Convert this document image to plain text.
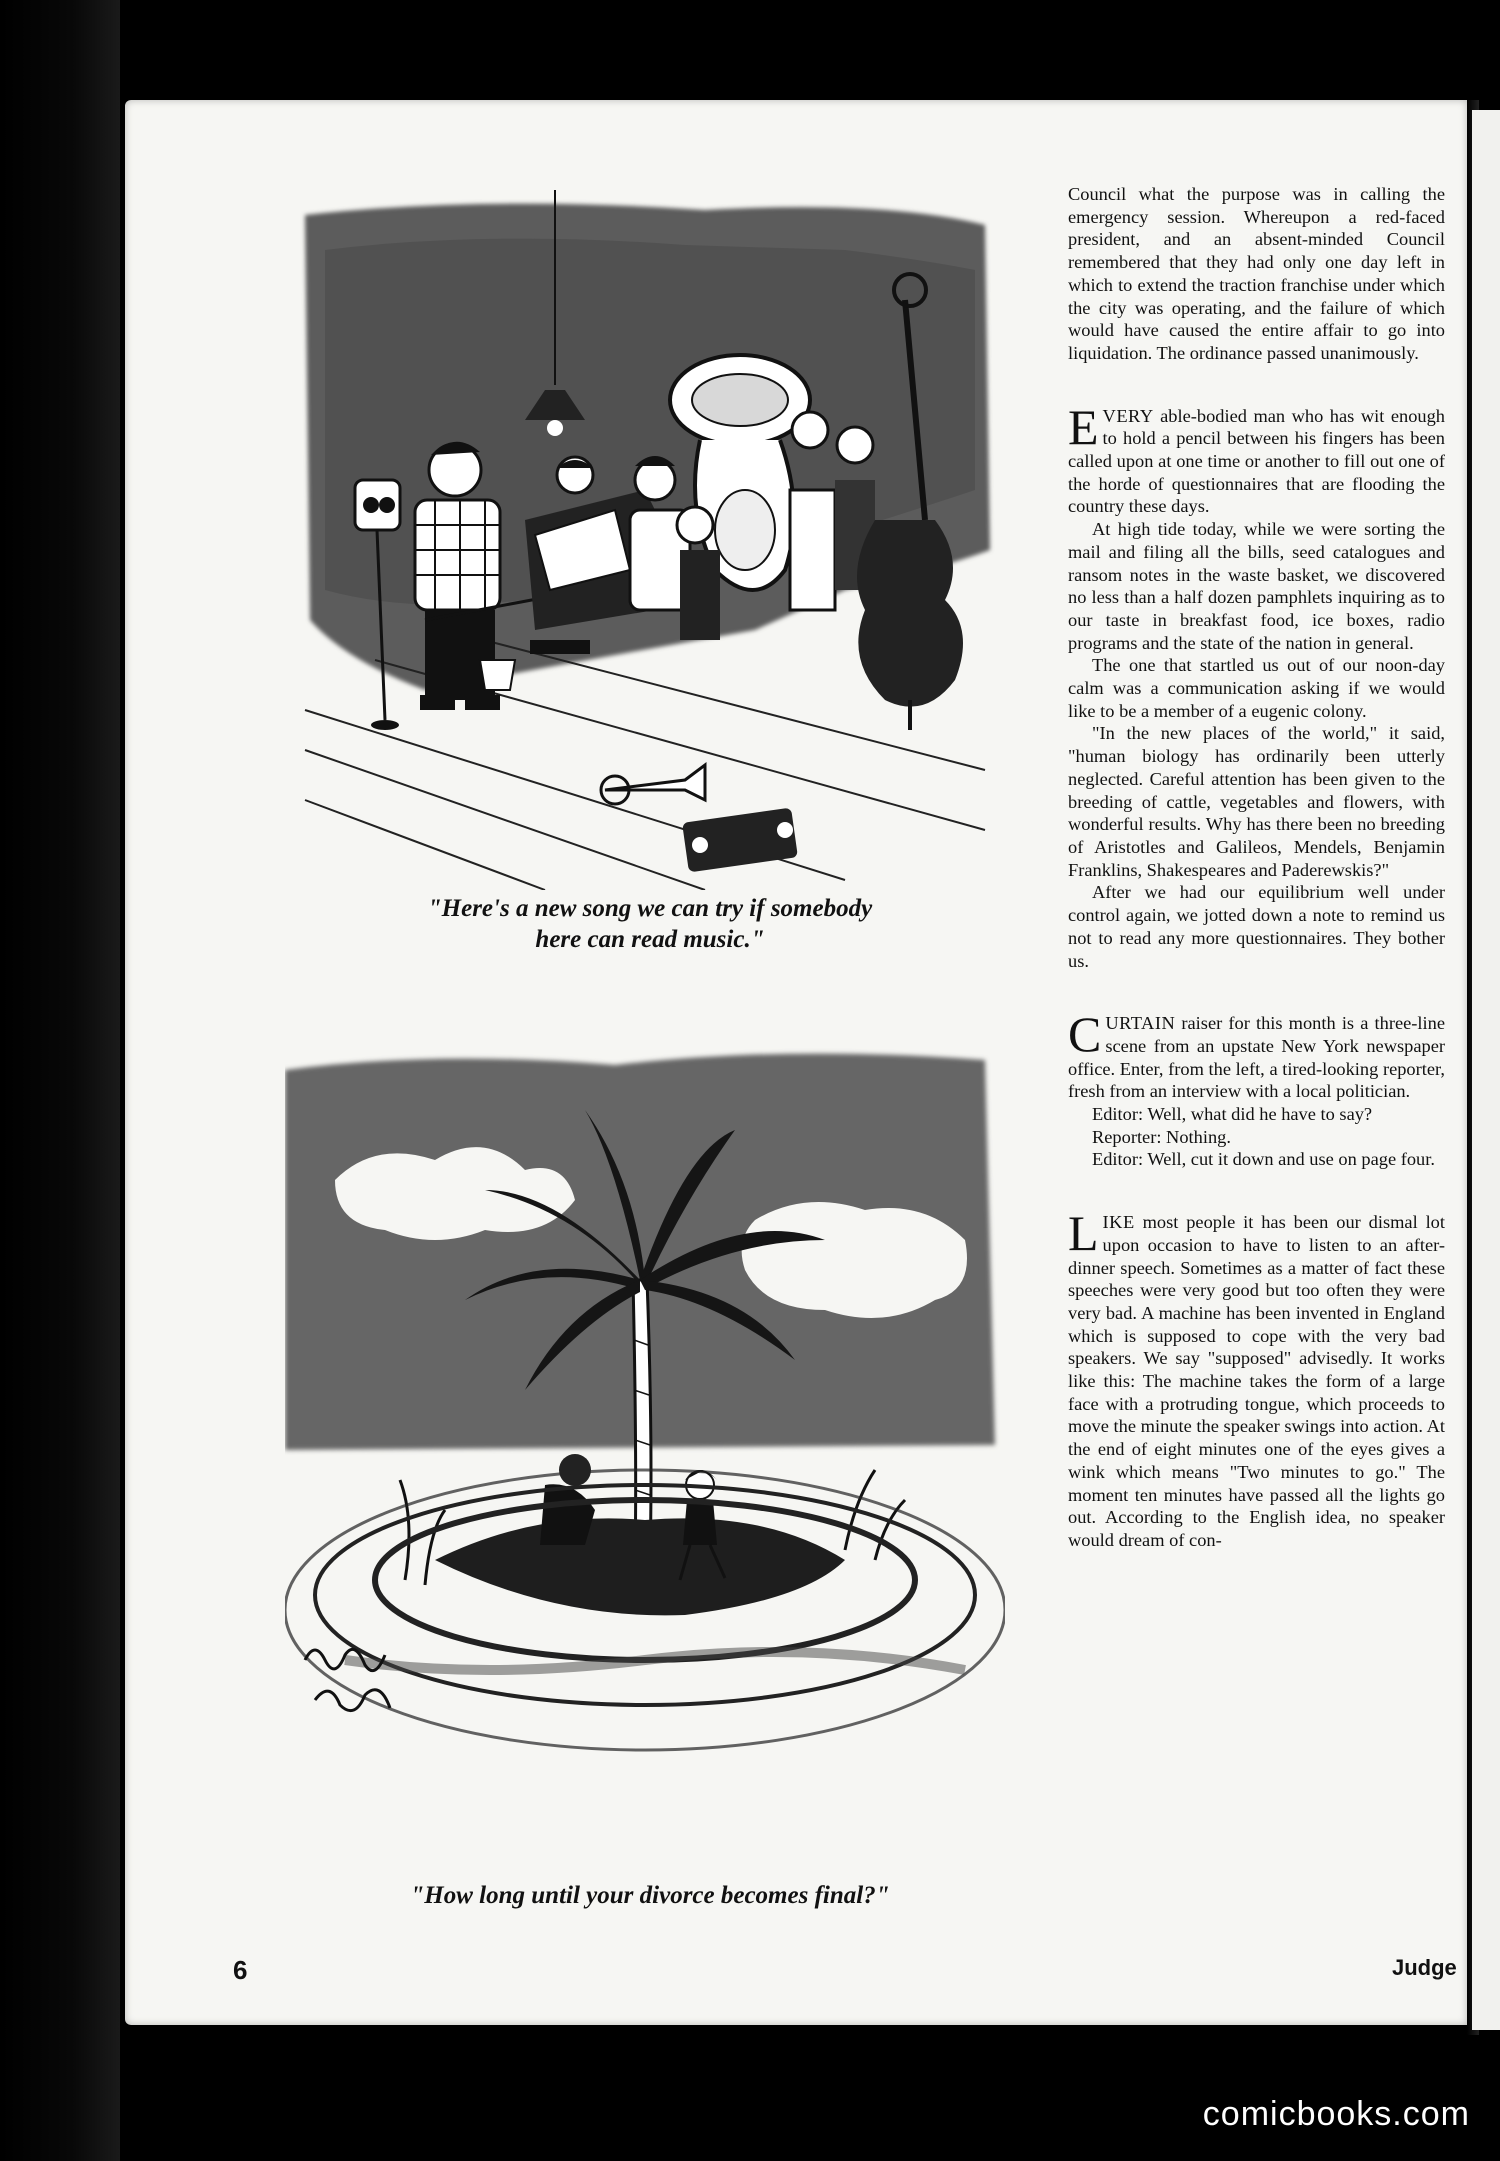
"Here's a new song we can try if somebody
here can read music."
"How long until your divorce becomes final?"

Council what the purpose was in calling the emergency session. Whereupon a red-faced president, and an absent-minded Council remembered that they had only one day left in which to extend the traction franchise under which the city was operating, and the failure of which would have caused the entire affair to go into liquidation. The ordinance passed unanimously.

EVERY able-bodied man who has wit enough to hold a pencil between his fingers has been called upon at one time or another to fill out one of the horde of questionnaires that are flooding the country these days.

At high tide today, while we were sorting the mail and filing all the bills, seed catalogues and ransom notes in the waste basket, we discovered no less than a half dozen pamphlets inquiring as to our taste in breakfast food, ice boxes, radio programs and the state of the nation in general.

The one that startled us out of our noon-day calm was a communication asking if we would like to be a member of a eugenic colony.

"In the new places of the world," it said, "human biology has ordinarily been utterly neglected. Careful attention has been given to the breeding of cattle, vegetables and flowers, with wonderful results. Why has there been no breeding of Aristotles and Galileos, Mendels, Benjamin Franklins, Shakespeares and Paderewskis?"

After we had our equilibrium well under control again, we jotted down a note to remind us not to read any more questionnaires. They bother us.

CURTAIN raiser for this month is a three-line scene from an upstate New York newspaper office. Enter, from the left, a tired-looking reporter, fresh from an interview with a local politician.

Editor: Well, what did he have to say?

Reporter: Nothing.

Editor: Well, cut it down and use on page four.

LIKE most people it has been our dismal lot upon occasion to have to listen to an after-dinner speech. Sometimes as a matter of fact these speeches were very good but too often they were very bad. A machine has been invented in England which is supposed to cope with the very bad speakers. We say "supposed" advisedly. It works like this: The machine takes the form of a large face with a protruding tongue, which proceeds to move the minute the speaker swings into action. At the end of eight minutes one of the eyes gives a wink which means "Two minutes to go." The moment ten minutes have passed all the lights go out. According to the English idea, no speaker would dream of con-

6	Judge
comicbooks.com
